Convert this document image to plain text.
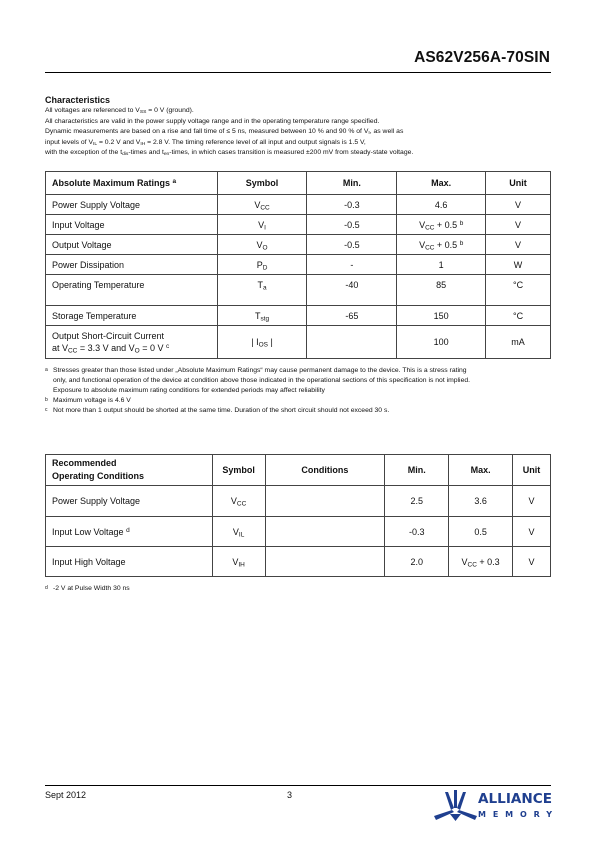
AS62V256A-70SIN
Characteristics
All voltages are referenced to $V_{SS} = 0$ V (ground).
All characteristics are valid in the power supply voltage range and in the operating temperature range specified.
Dynamic measurements are based on a rise and fall time of ≤ 5 ns, measured between 10 % and 90 % of $V_I$, as well as
input levels of $V_{IL} = 0.2$ V and $V_{IH} = 2.8$ V. The timing reference level of all input and output signals is 1.5 V,
with the exception of the $t_{dis}$-times and $t_{en}$-times, in which cases transition is measured ±200 mV from steady-state voltage.
Absolute Maximum Ratings $^a$	Symbol	Min.	Max.	Unit
Power Supply Voltage	$V_{CC}$	-0.3	4.6	V
Input Voltage	$V_I$	-0.5	$V_{CC} + 0.5$ $^b$	V
Output Voltage	$V_O$	-0.5	$V_{CC} + 0.5$ $^b$	V
Power Dissipation	$P_D$	-	1	W
Operating Temperature	$T_a$	-40	85	°C
Storage Temperature	$T_{stg}$	-65	150	°C
Output Short-Circuit Current
at $V_{CC} = 3.3$ V and $V_O = 0$ V $^c$	| $I_{OS}$ |		100	mA
a Stresses greater than those listed under „Absolute Maximum Ratings“ may cause permanent damage to the device. This is a stress rating
only, and functional operation of the device at condition above those indicated in the operational sections of this specification is not implied.
Exposure to absolute maximum rating conditions for extended periods may affect reliability
b Maximum voltage is 4.6 V
c Not more than 1 output should be shorted at the same time. Duration of the short circuit should not exceed 30 s.
Recommended
Operating Conditions	Symbol	Conditions	Min.	Max.	Unit
Power Supply Voltage	$V_{CC}$		2.5	3.6	V
Input Low Voltage $^d$	$V_{IL}$		-0.3	0.5	V
Input High Voltage	$V_{IH}$		2.0	$V_{CC} + 0.3$	V
d -2 V at Pulse Width 30 ns
Sept 2012	3	ALLIANCE
MEMORY
